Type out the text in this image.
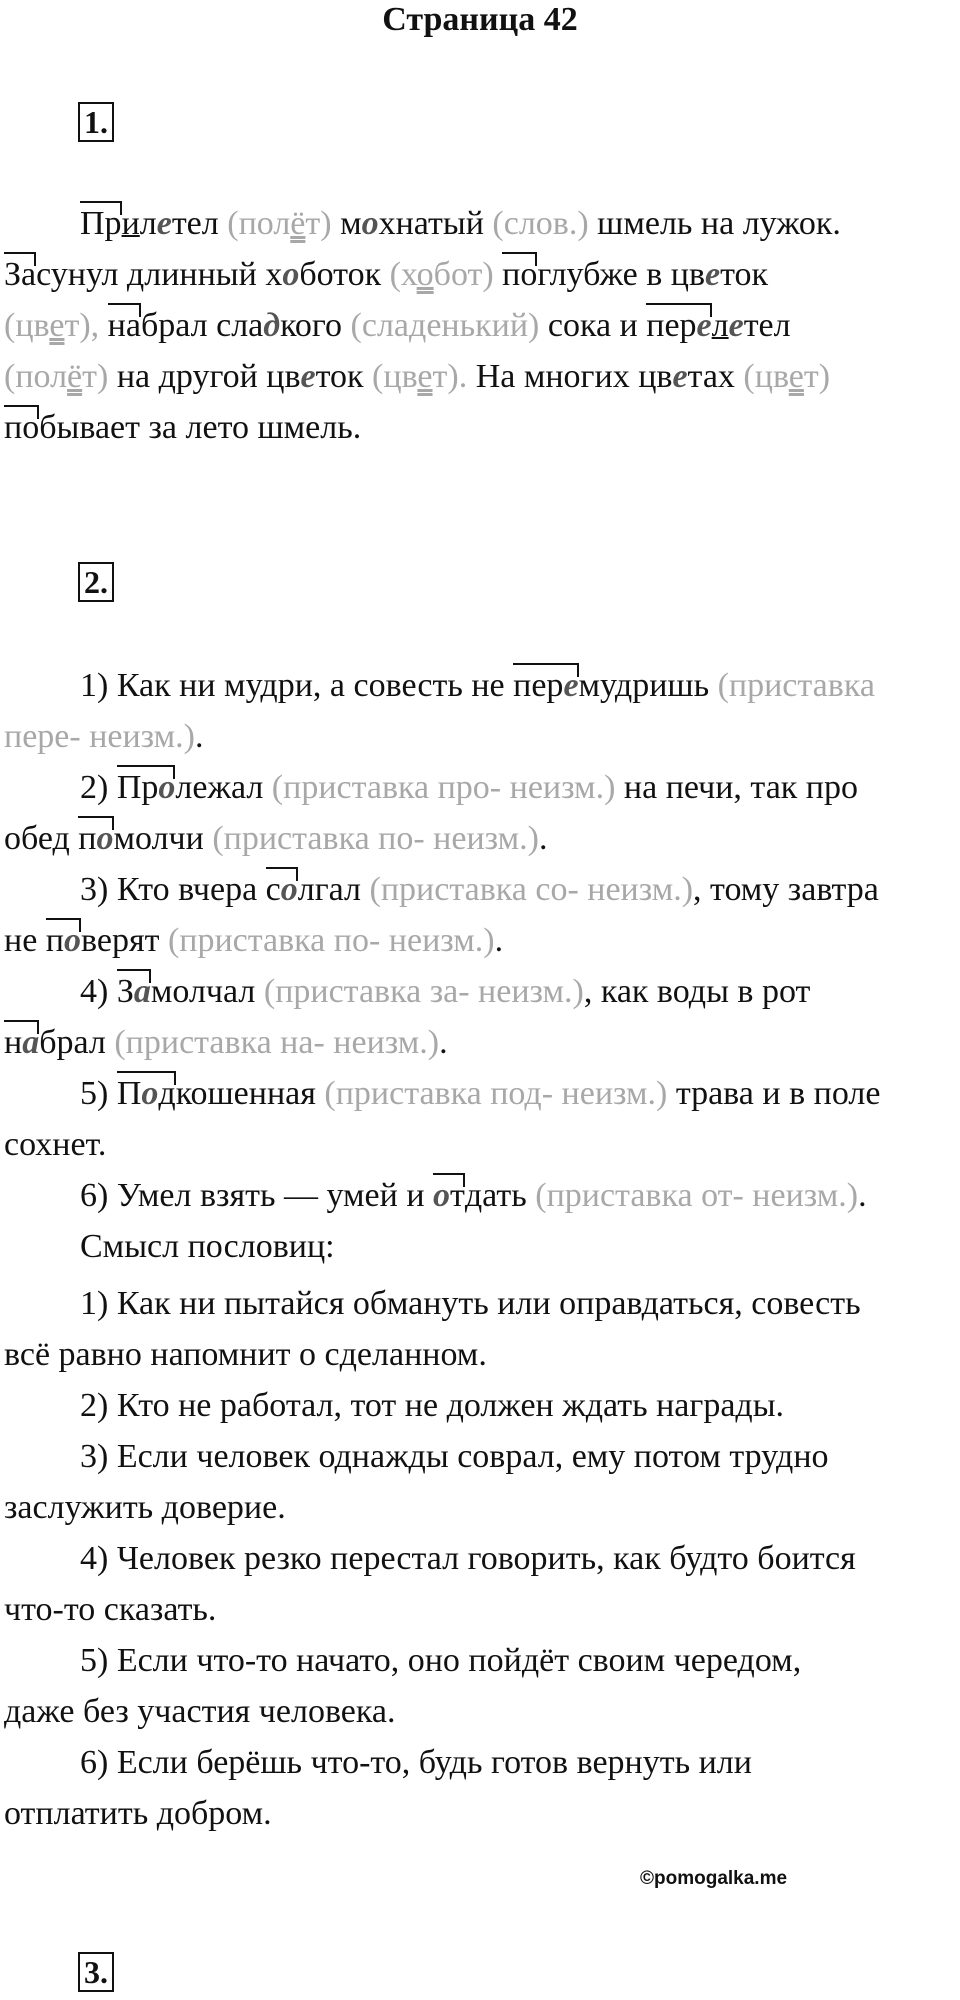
Страница 42
1.
Прилетел (полёт) мохнатый (слов.) шмель на лужок.
Засунул длинный хоботок (хобот) поглубже в цветок
(цвет), набрал сладкого (сладенький) сока и перелетел
(полёт) на другой цветок (цвет). На многих цветах (цвет)
побывает за лето шмель.
2.
1) Как ни мудри, а совесть не перемудришь (приставка
пере- неизм.).
2) Пролежал (приставка про- неизм.) на печи, так про
обед помолчи (приставка по- неизм.).
3) Кто вчера солгал (приставка со- неизм.), тому завтра
не поверят (приставка по- неизм.).
4) Замолчал (приставка за- неизм.), как воды в рот
набрал (приставка на- неизм.).
5) Подкошенная (приставка под- неизм.) трава и в поле
сохнет.
6) Умел взять — умей и отдать (приставка от- неизм.).
Смысл пословиц:
1) Как ни пытайся обмануть или оправдаться, совесть
всё равно напомнит о сделанном.
2) Кто не работал, тот не должен ждать награды.
3) Если человек однажды соврал, ему потом трудно
заслужить доверие.
4) Человек резко перестал говорить, как будто боится
что-то сказать.
5) Если что-то начато, оно пойдёт своим чередом,
даже без участия человека.
6) Если берёшь что-то, будь готов вернуть или
отплатить добром.
©pomogalka.me
3.
